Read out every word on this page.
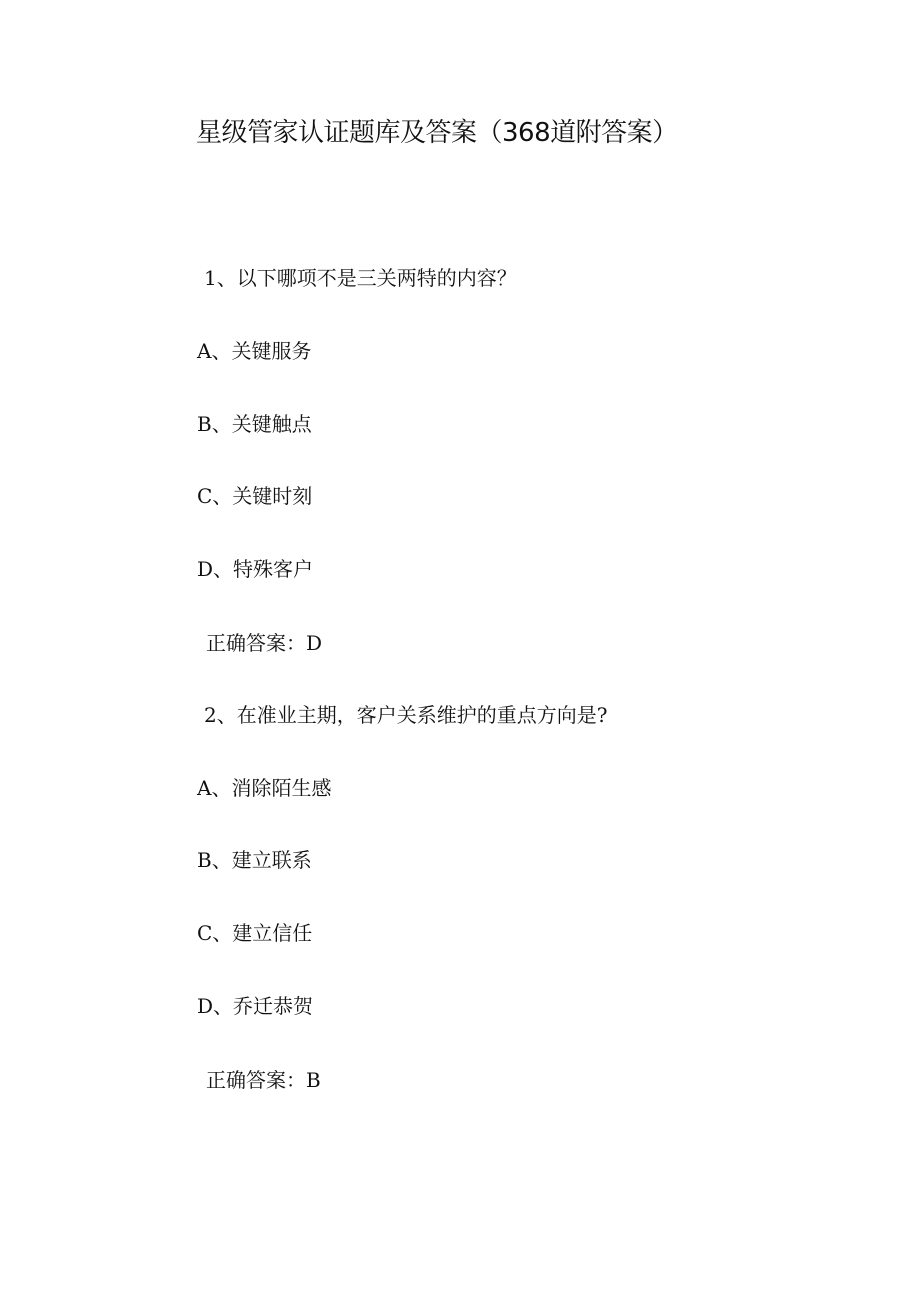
星级管家认证题库及答案（368道附答案）
1、以下哪项不是三关两特的内容？
A、关键服务
B、关键触点
C、关键时刻
D、特殊客户
正确答案：D
2、在准业主期，客户关系维护的重点方向是?
A、消除陌生感
B、建立联系
C、建立信任
D、乔迁恭贺
正确答案：B
